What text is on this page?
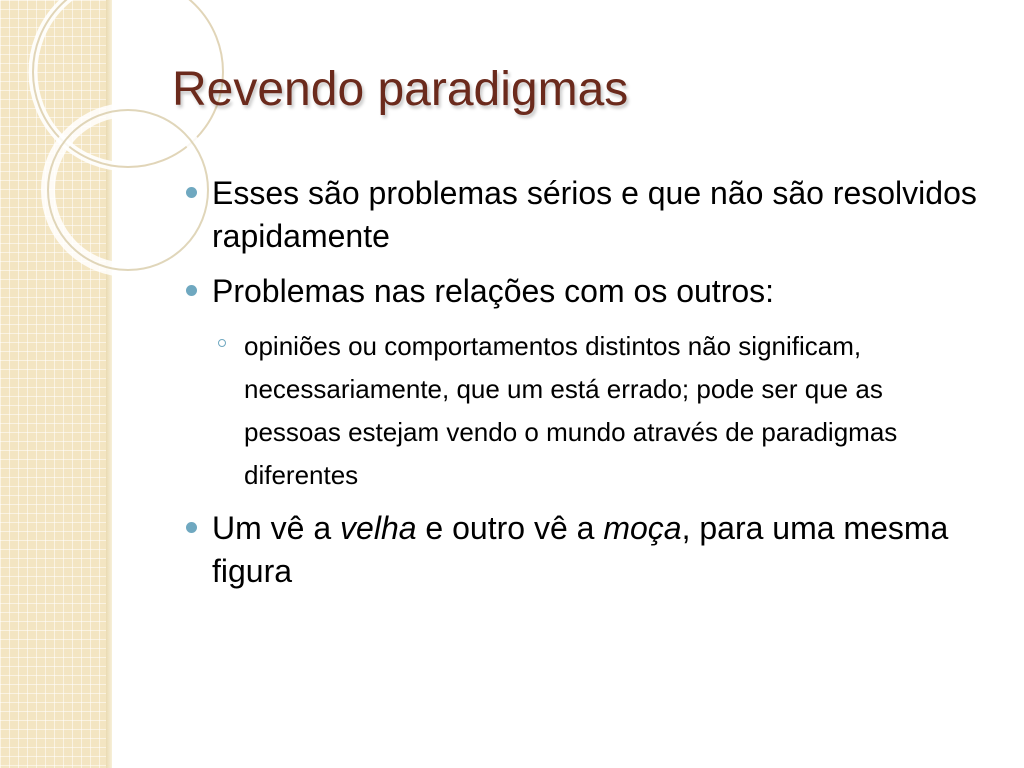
Revendo paradigmas
Esses são problemas sérios e que não são resolvidos rapidamente
Problemas nas relações com os outros:
opiniões ou comportamentos distintos não significam, necessariamente, que um está errado; pode ser que as pessoas estejam vendo o mundo através de paradigmas diferentes
Um vê a velha e outro vê a moça, para uma mesma figura
